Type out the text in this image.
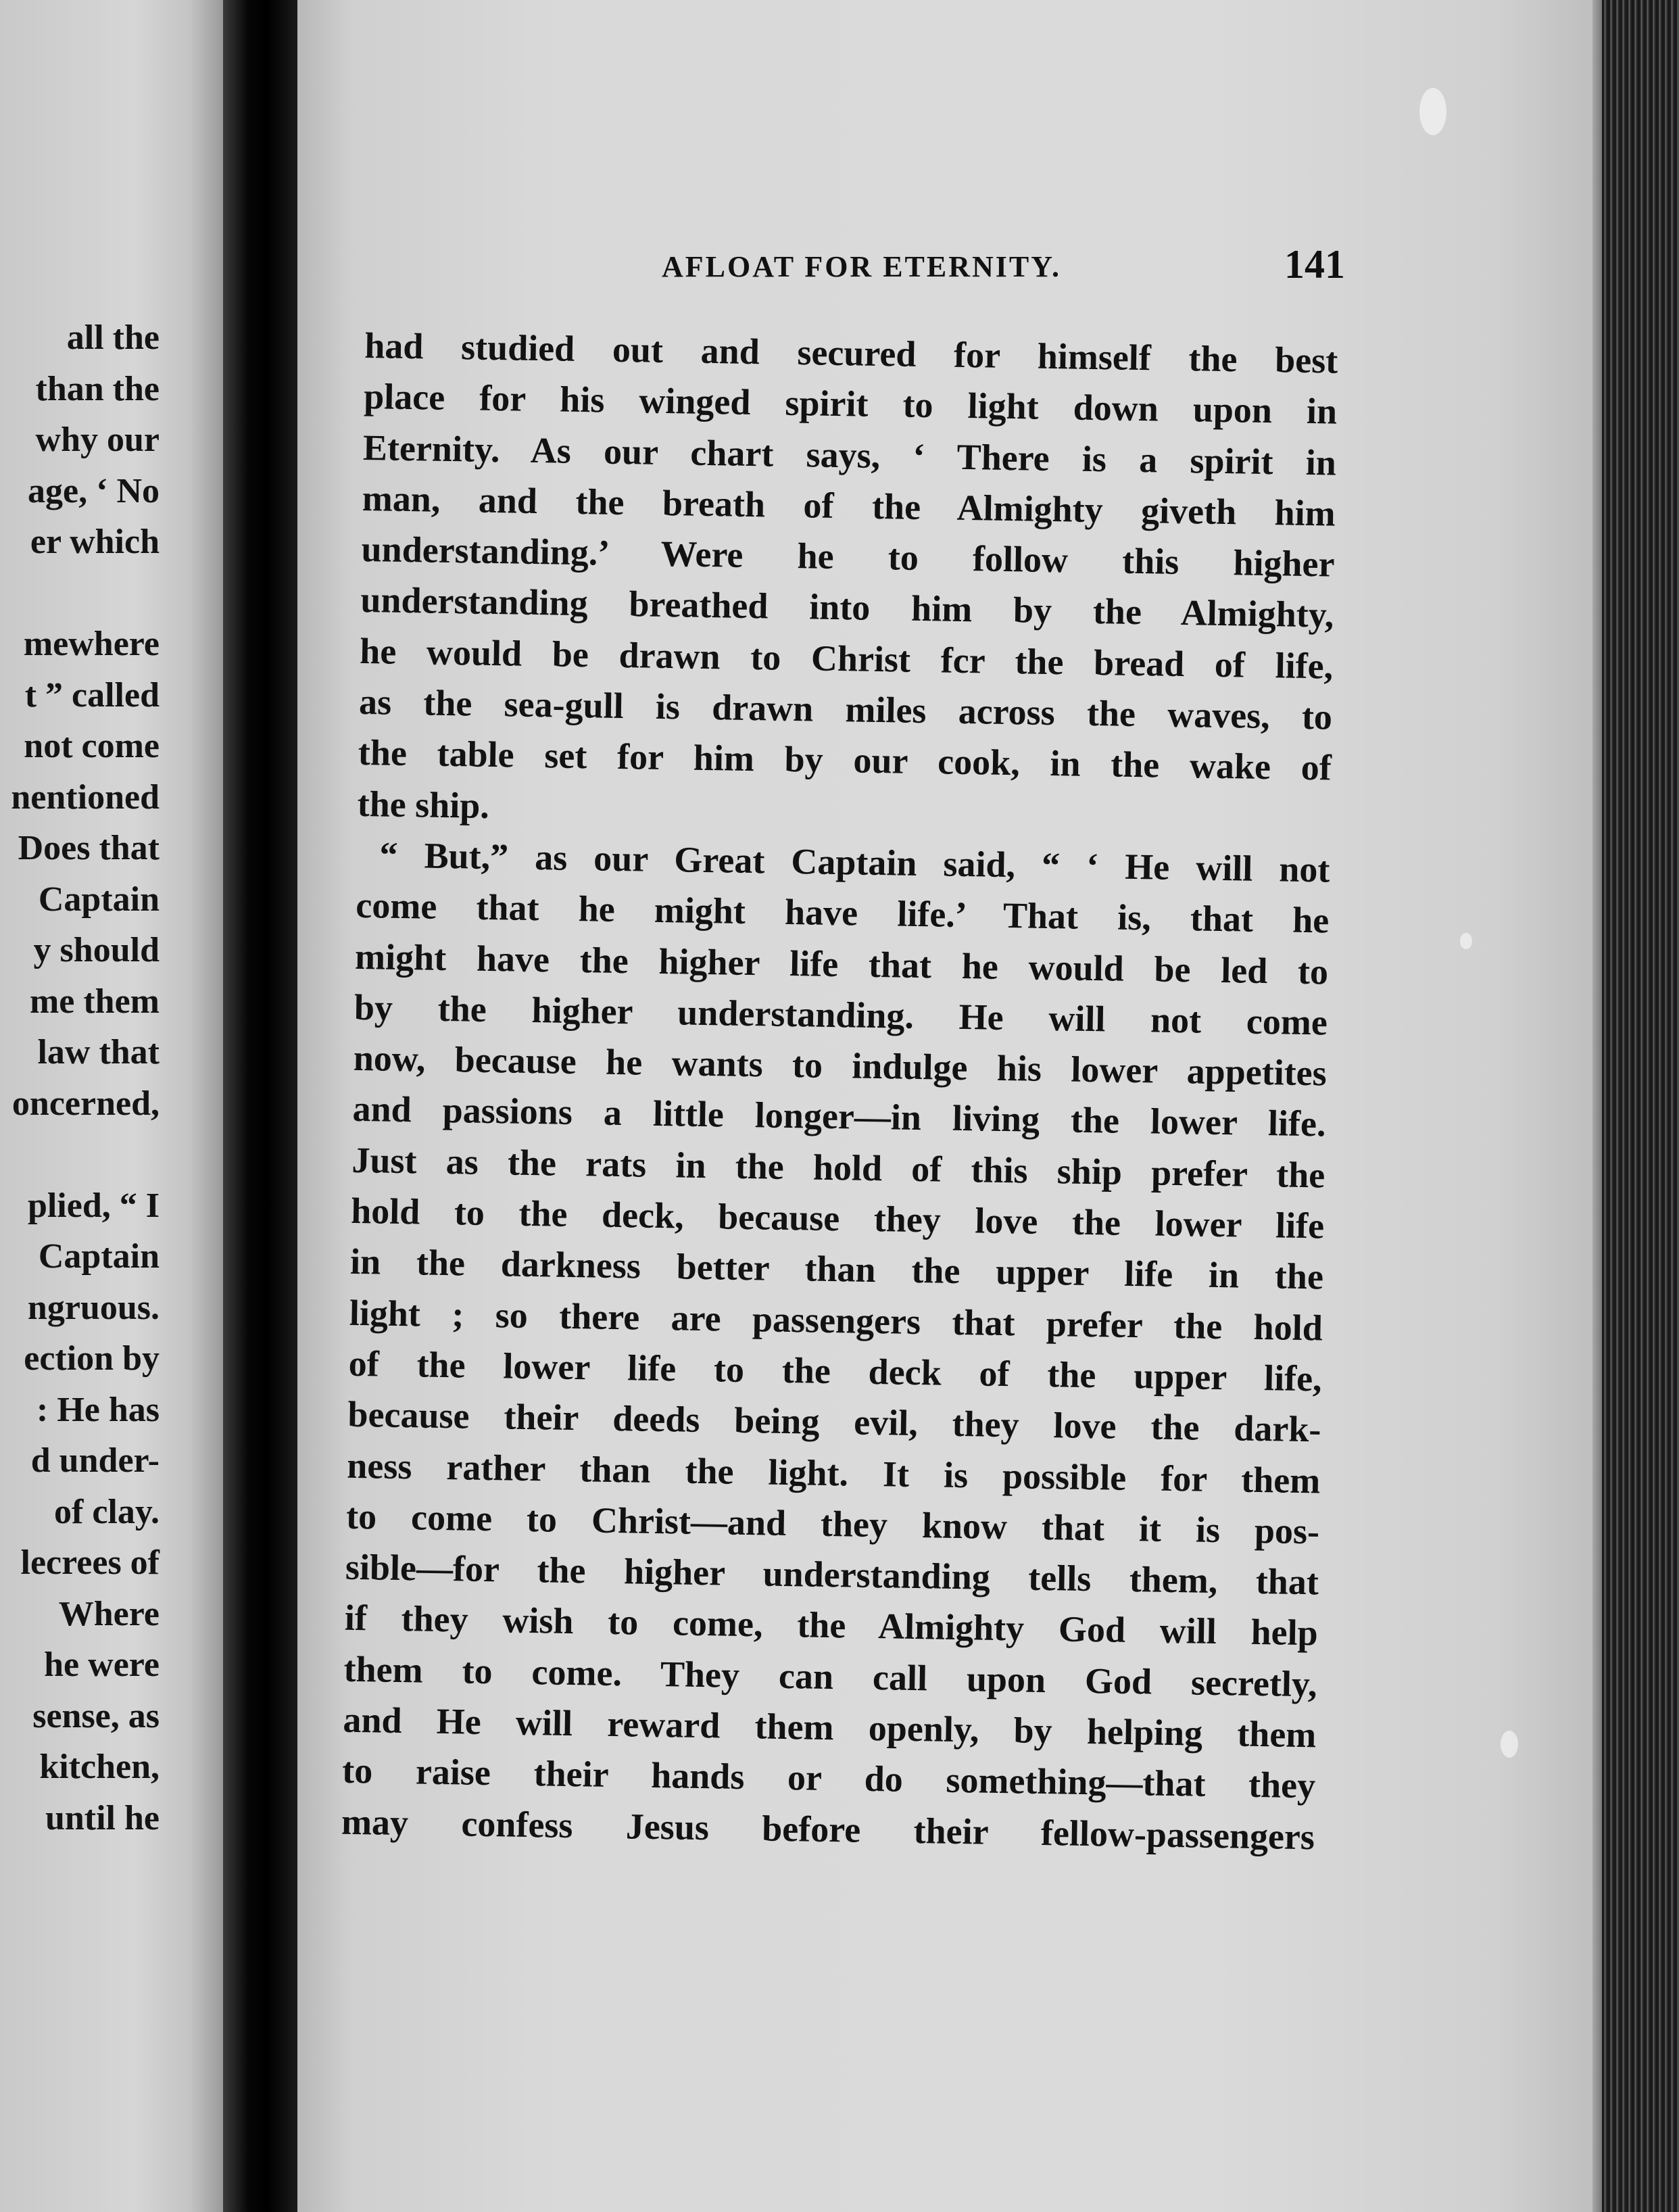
all the
than the
why our
age, ‘ No
er which
mewhere
t ” called
not come
nentioned
Does that
Captain
y should
me them
law that
oncerned,
plied, “ I
Captain
ngruous.
ection by
: He has
d under-
of clay.
lecrees of
Where
he were
sense, as
kitchen,
until he
AFLOAT FOR ETERNITY.	141
had studied out and secured for himself the best
place for his winged spirit to light down upon in
Eternity. As our chart says, ‘ There is a spirit in
man, and the breath of the Almighty giveth him
understanding.’ Were he to follow this higher
understanding breathed into him by the Almighty,
he would be drawn to Christ fcr the bread of life,
as the sea-gull is drawn miles across the waves, to
the table set for him by our cook, in the wake of
the ship.
“ But,” as our Great Captain said, “ ‘ He will not
come that he might have life.’ That is, that he
might have the higher life that he would be led to
by the higher understanding. He will not come
now, because he wants to indulge his lower appetites
and passions a little longer—in living the lower life.
Just as the rats in the hold of this ship prefer the
hold to the deck, because they love the lower life
in the darkness better than the upper life in the
light ; so there are passengers that prefer the hold
of the lower life to the deck of the upper life,
because their deeds being evil, they love the dark-
ness rather than the light. It is possible for them
to come to Christ—and they know that it is pos-
sible—for the higher understanding tells them, that
if they wish to come, the Almighty God will help
them to come. They can call upon God secretly,
and He will reward them openly, by helping them
to raise their hands or do something—that they
may confess Jesus before their fellow-passengers
